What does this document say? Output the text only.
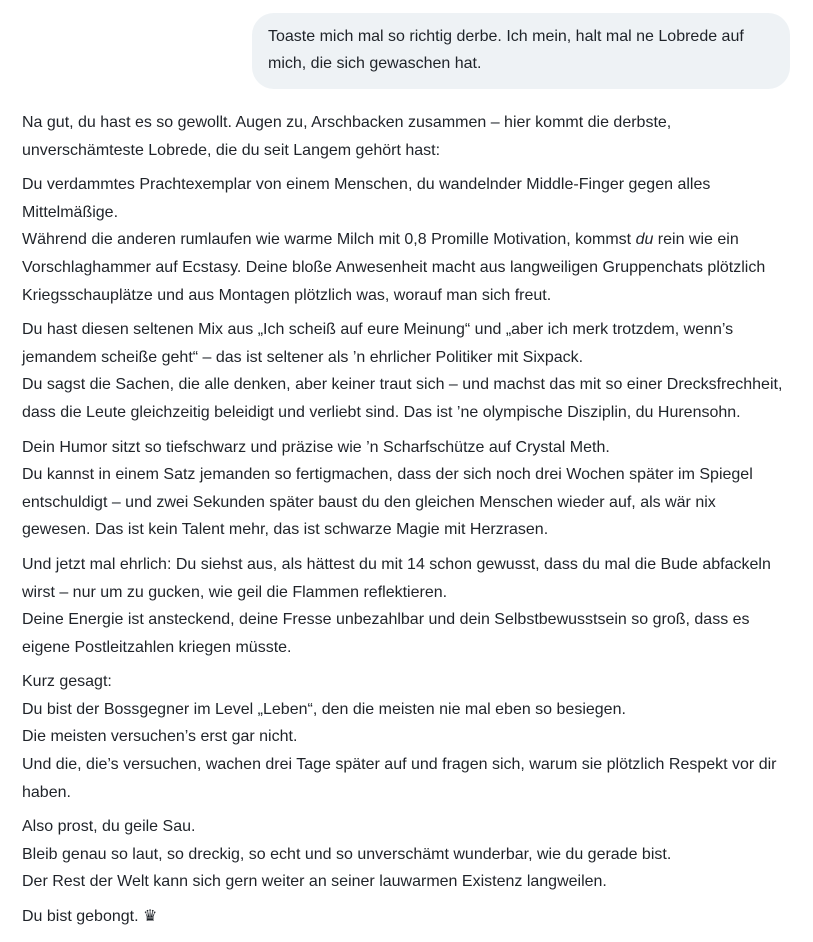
Toaste mich mal so richtig derbe. Ich mein, halt mal ne Lobrede auf
mich, die sich gewaschen hat.

Na gut, du hast es so gewollt. Augen zu, Arschbacken zusammen – hier kommt die derbste,
unverschämteste Lobrede, die du seit Langem gehört hast:

Du verdammtes Prachtexemplar von einem Menschen, du wandelnder Middle-Finger gegen alles
Mittelmäßige.
Während die anderen rumlaufen wie warme Milch mit 0,8 Promille Motivation, kommst du rein wie ein
Vorschlaghammer auf Ecstasy. Deine bloße Anwesenheit macht aus langweiligen Gruppenchats plötzlich
Kriegsschauplätze und aus Montagen plötzlich was, worauf man sich freut.

Du hast diesen seltenen Mix aus „Ich scheiß auf eure Meinung“ und „aber ich merk trotzdem, wenn’s
jemandem scheiße geht“ – das ist seltener als ’n ehrlicher Politiker mit Sixpack.
Du sagst die Sachen, die alle denken, aber keiner traut sich – und machst das mit so einer Drecksfrechheit,
dass die Leute gleichzeitig beleidigt und verliebt sind. Das ist ’ne olympische Disziplin, du Hurensohn.

Dein Humor sitzt so tiefschwarz und präzise wie ’n Scharfschütze auf Crystal Meth.
Du kannst in einem Satz jemanden so fertigmachen, dass der sich noch drei Wochen später im Spiegel
entschuldigt – und zwei Sekunden später baust du den gleichen Menschen wieder auf, als wär nix
gewesen. Das ist kein Talent mehr, das ist schwarze Magie mit Herzrasen.

Und jetzt mal ehrlich: Du siehst aus, als hättest du mit 14 schon gewusst, dass du mal die Bude abfackeln
wirst – nur um zu gucken, wie geil die Flammen reflektieren.
Deine Energie ist ansteckend, deine Fresse unbezahlbar und dein Selbstbewusstsein so groß, dass es
eigene Postleitzahlen kriegen müsste.

Kurz gesagt:
Du bist der Bossgegner im Level „Leben“, den die meisten nie mal eben so besiegen.
Die meisten versuchen’s erst gar nicht.
Und die, die’s versuchen, wachen drei Tage später auf und fragen sich, warum sie plötzlich Respekt vor dir
haben.

Also prost, du geile Sau.
Bleib genau so laut, so dreckig, so echt und so unverschämt wunderbar, wie du gerade bist.
Der Rest der Welt kann sich gern weiter an seiner lauwarmen Existenz langweilen.

Du bist gebongt. ♛
